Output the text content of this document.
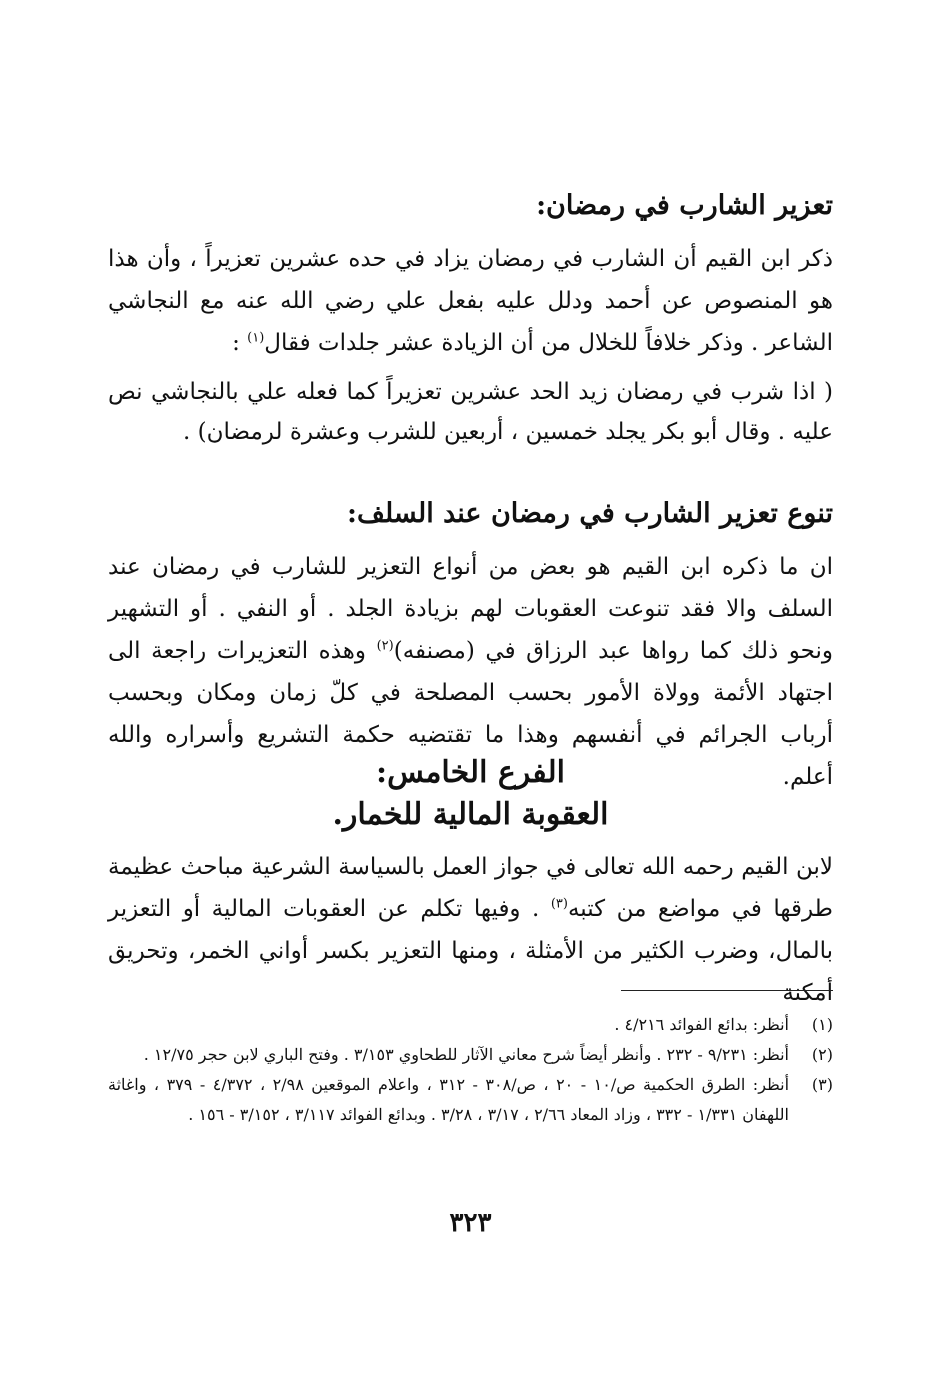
تعزير الشارب في رمضان:
ذكر ابن القيم أن الشارب في رمضان يزاد في حده عشرين تعزيراً ، وأن هذا هو المنصوص عن أحمد ودلل عليه بفعل علي رضي الله عنه مع النجاشي الشاعر . وذكر خلافاً للخلال من أن الزيادة عشر جلدات فقال$^{(١)}$ :
( اذا شرب في رمضان زيد الحد عشرين تعزيراً كما فعله علي بالنجاشي نص عليه . وقال أبو بكر يجلد خمسين ، أربعين للشرب وعشرة لرمضان) .
تنوع تعزير الشارب في رمضان عند السلف:
ان ما ذكره ابن القيم هو بعض من أنواع التعزير للشارب في رمضان عند السلف والا فقد تنوعت العقوبات لهم بزيادة الجلد . أو النفي . أو التشهير ونحو ذلك كما رواها عبد الرزاق في (مصنفه)$^{(٢)}$ وهذه التعزيرات راجعة الى اجتهاد الأئمة وولاة الأمور بحسب المصلحة في كلّ زمان ومكان وبحسب أرباب الجرائم في أنفسهم وهذا ما تقتضيه حكمة التشريع وأسراره والله أعلم.
الفرع الخامس:
العقوبة المالية للخمار.
لابن القيم رحمه الله تعالى في جواز العمل بالسياسة الشرعية مباحث عظيمة طرقها في مواضع من كتبه$^{(٣)}$ . وفيها تكلم عن العقوبات المالية أو التعزير بالمال، وضرب الكثير من الأمثلة ، ومنها التعزير بكسر أواني الخمر، وتحريق أمكنة
(١)
أنظر: بدائع الفوائد ٤/٢١٦ .
(٢)
أنظر: ٩/٢٣١ - ٢٣٢ . وأنظر أيضاً شرح معاني الآثار للطحاوي ٣/١٥٣ . وفتح الباري لابن حجر ١٢/٧٥ .
(٣)
أنظر: الطرق الحكمية ص/١٠ - ٢٠ ، ص/٣٠٨ - ٣١٢ ، واعلام الموقعين ٢/٩٨ ، ٤/٣٧٢ - ٣٧٩ ، واغاثة اللهفان ١/٣٣١ - ٣٣٢ ، وزاد المعاد ٢/٦٦ ، ٣/١٧ ، ٣/٢٨ . وبدائع الفوائد ٣/١١٧ ، ٣/١٥٢ - ١٥٦ .
٣٢٣
